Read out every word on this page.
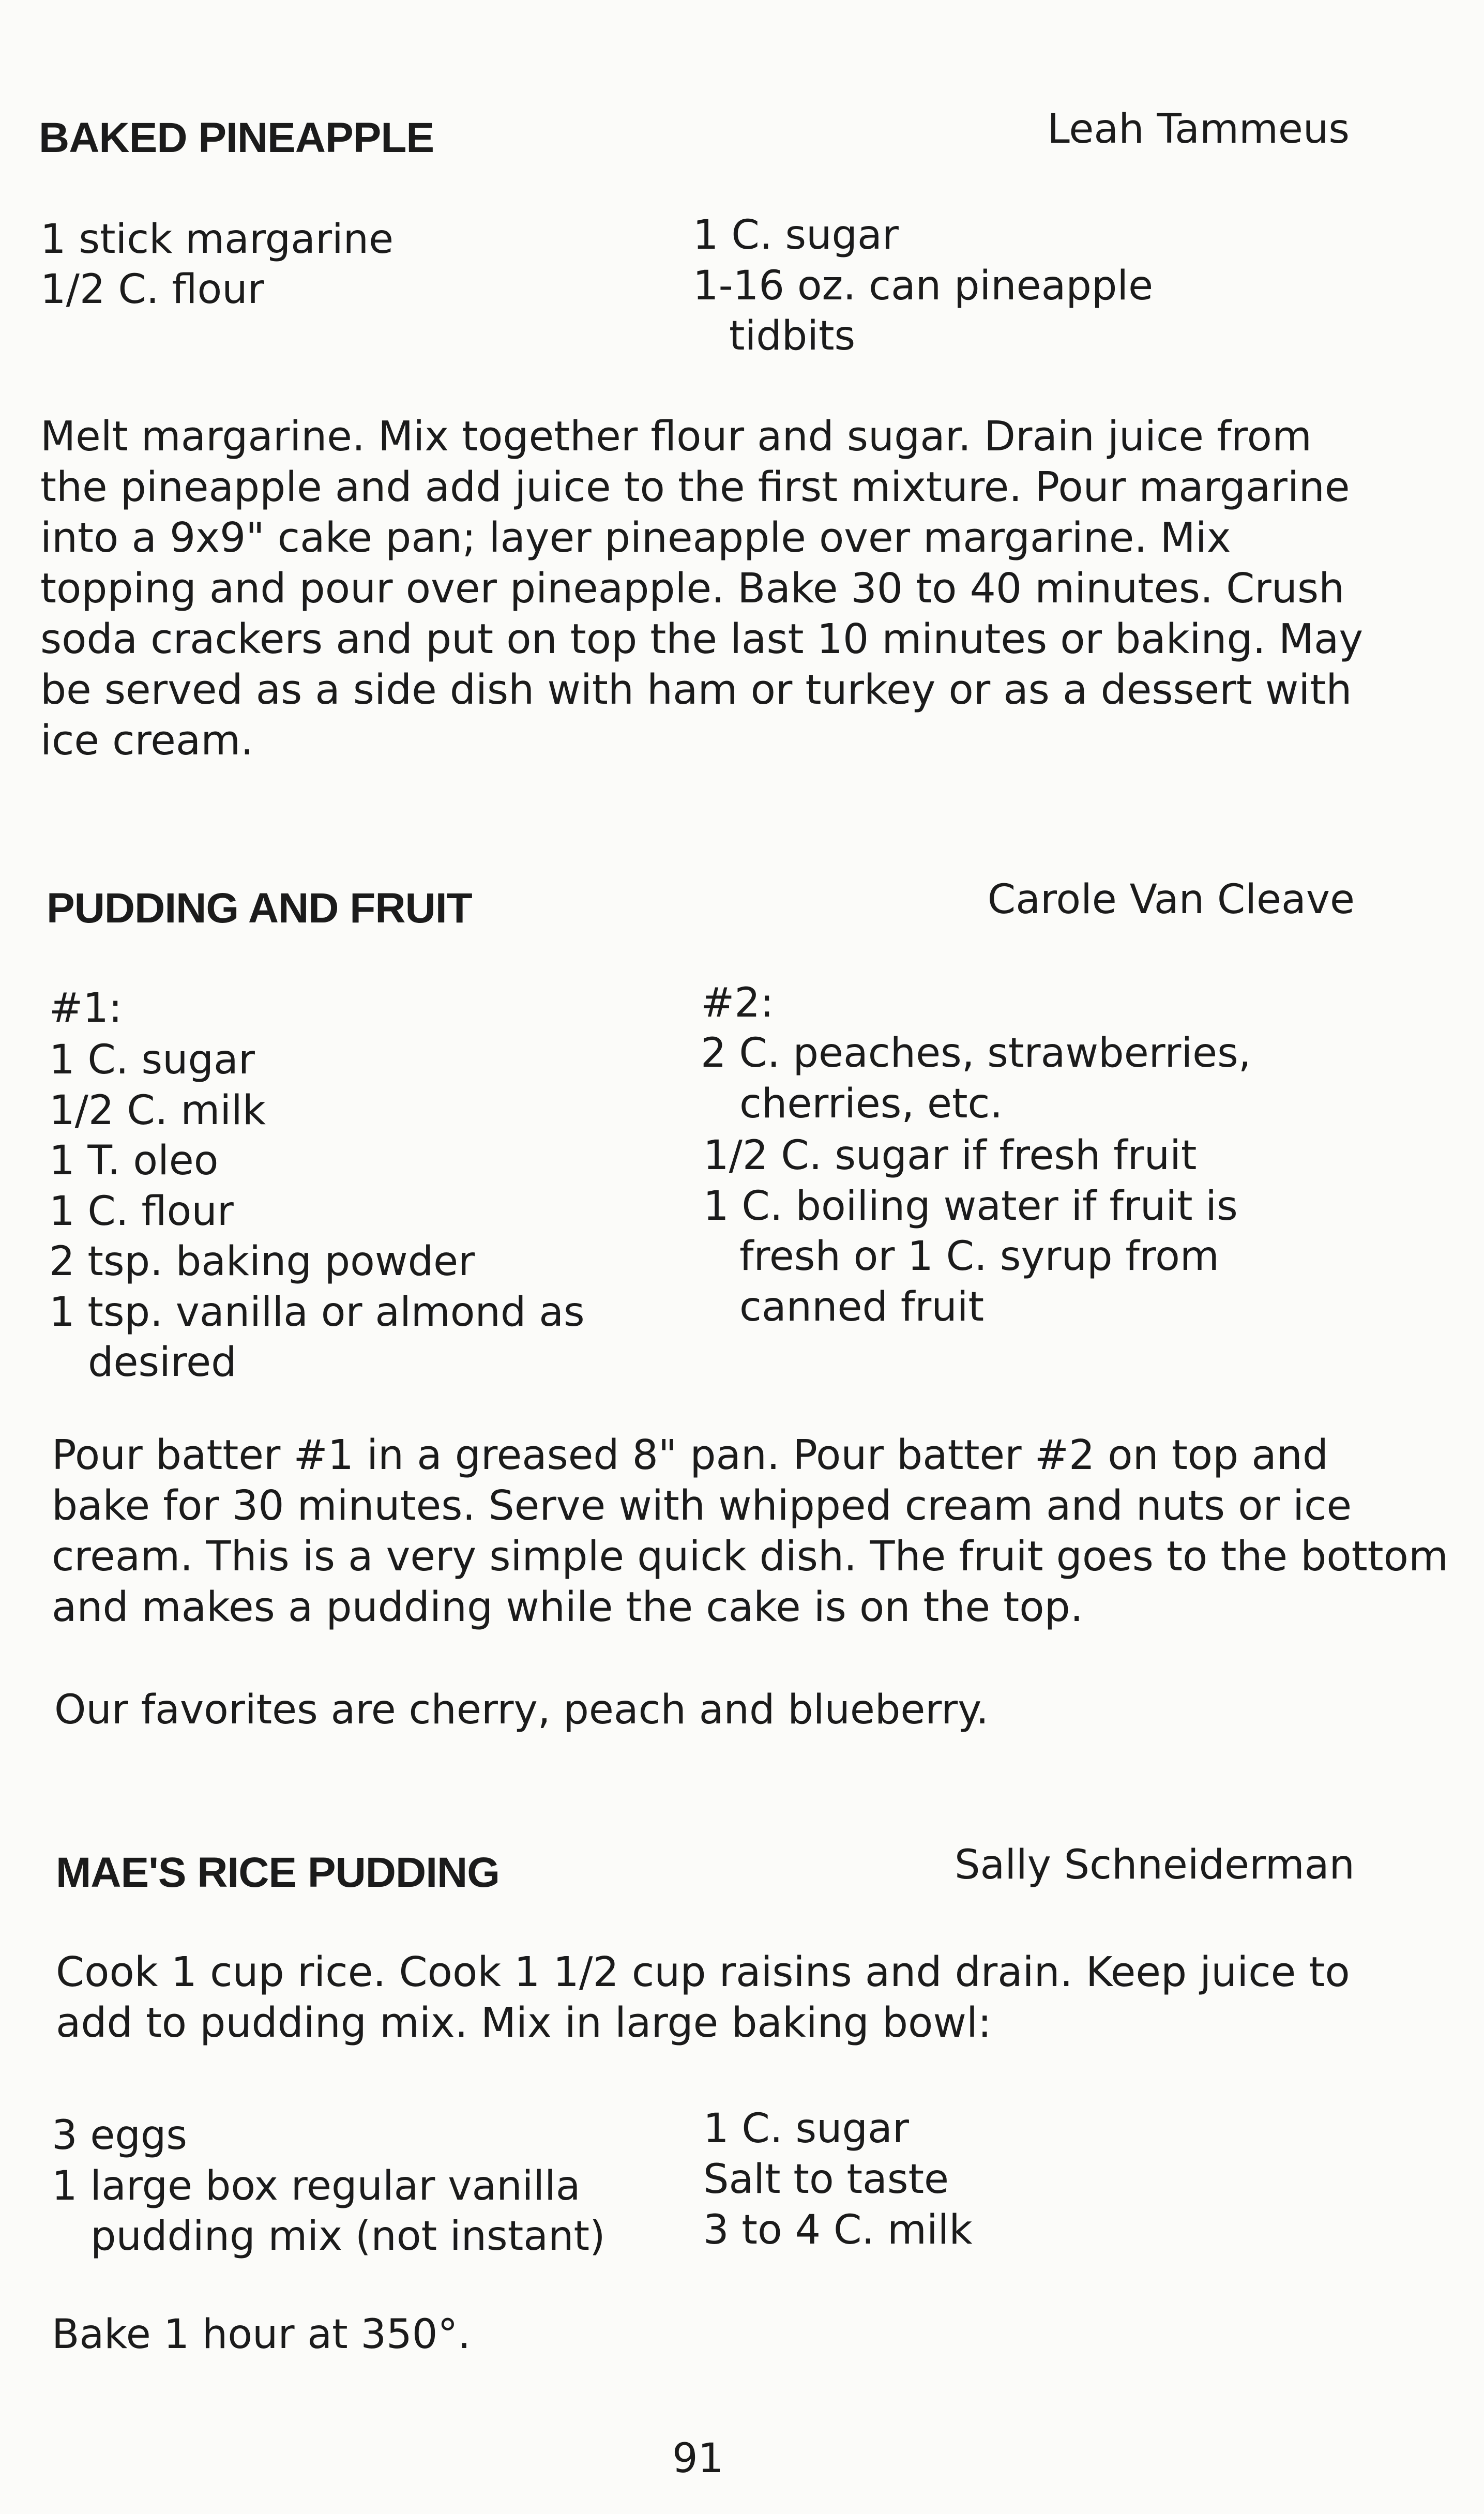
BAKED PINEAPPLE	Leah Tammeus
1 stick margarine
1/2 C. flour
1 C. sugar
1-16 oz. can pineapple
tidbits
Melt margarine. Mix together flour and sugar. Drain juice from
the pineapple and add juice to the first mixture. Pour margarine
into a 9x9" cake pan; layer pineapple over margarine. Mix
topping and pour over pineapple. Bake 30 to 40 minutes. Crush
soda crackers and put on top the last 10 minutes or baking. May
be served as a side dish with ham or turkey or as a dessert with
ice cream.
PUDDING AND FRUIT	Carole Van Cleave
#1:
1 C. sugar
1/2 C. milk
1 T. oleo
1 C. flour
2 tsp. baking powder
1 tsp. vanilla or almond as
desired
#2:
2 C. peaches, strawberries,
cherries, etc.
1/2 C. sugar if fresh fruit
1 C. boiling water if fruit is
fresh or 1 C. syrup from
canned fruit
Pour batter #1 in a greased 8" pan. Pour batter #2 on top and
bake for 30 minutes. Serve with whipped cream and nuts or ice
cream. This is a very simple quick dish. The fruit goes to the bottom
and makes a pudding while the cake is on the top.
Our favorites are cherry, peach and blueberry.
MAE'S RICE PUDDING	Sally Schneiderman
Cook 1 cup rice. Cook 1 1/2 cup raisins and drain. Keep juice to
add to pudding mix. Mix in large baking bowl:
3 eggs
1 large box regular vanilla
pudding mix (not instant)
1 C. sugar
Salt to taste
3 to 4 C. milk
Bake 1 hour at 350°.
91
